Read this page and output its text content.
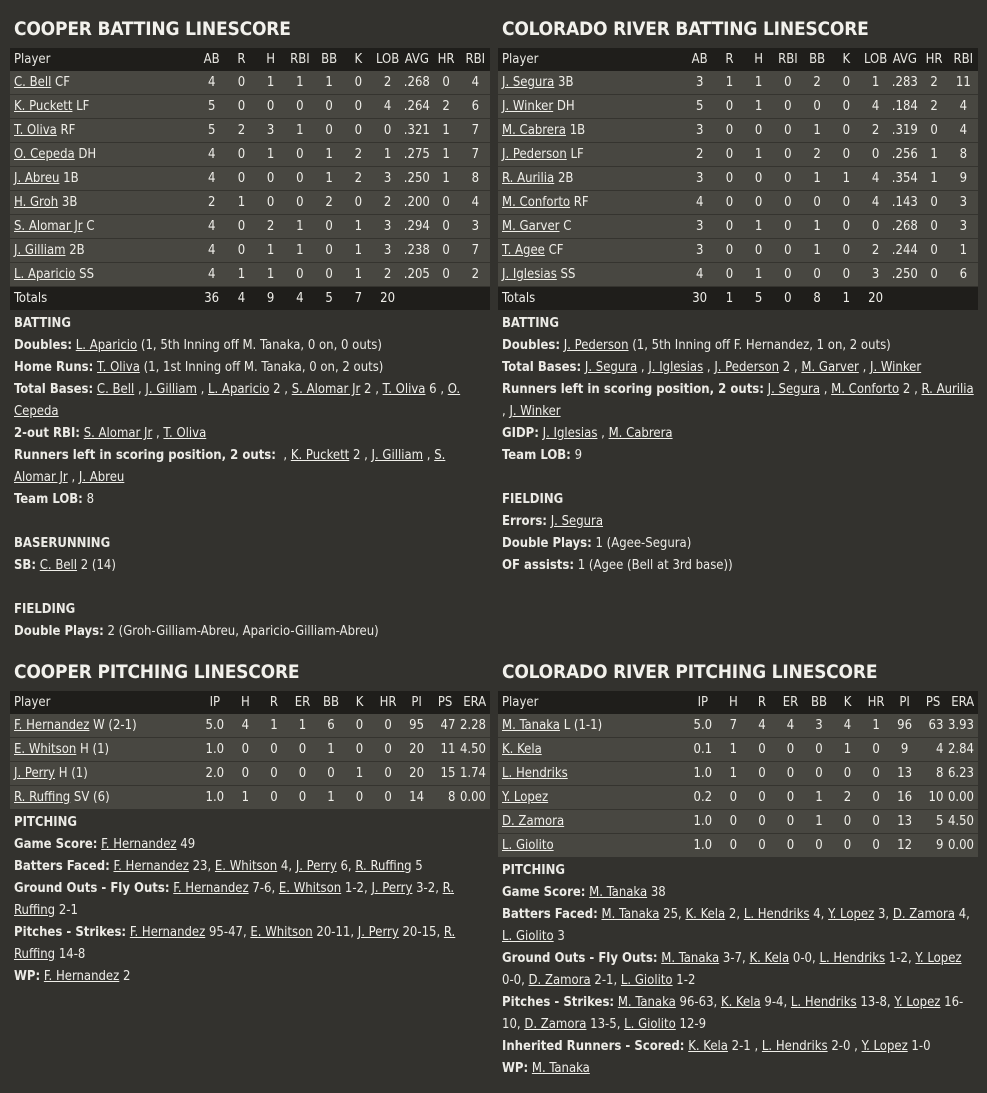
COOPER BATTING LINESCORE
Player	AB	R	H	RBI	BB	K	LOB	AVG	HR	RBI
C. Bell CF	4	0	1	1	1	0	2	.268	0	4
K. Puckett LF	5	0	0	0	0	0	4	.264	2	6
T. Oliva RF	5	2	3	1	0	0	0	.321	1	7
O. Cepeda DH	4	0	1	0	1	2	1	.275	1	7
J. Abreu 1B	4	0	0	0	1	2	3	.250	1	8
H. Groh 3B	2	1	0	0	2	0	2	.200	0	4
S. Alomar Jr C	4	0	2	1	0	1	3	.294	0	3
J. Gilliam 2B	4	0	1	1	0	1	3	.238	0	7
L. Aparicio SS	4	1	1	0	0	1	2	.205	0	2
Totals	36	4	9	4	5	7	20			
BATTING
Doubles: L. Aparicio (1, 5th Inning off M. Tanaka, 0 on, 0 outs)
Home Runs: T. Oliva (1, 1st Inning off M. Tanaka, 0 on, 2 outs)
Total Bases: C. Bell , J. Gilliam , L. Aparicio 2 , S. Alomar Jr 2 , T. Oliva 6 , O. Cepeda
2-out RBI: S. Alomar Jr , T. Oliva
Runners left in scoring position, 2 outs:  , K. Puckett 2 , J. Gilliam , S. Alomar Jr , J. Abreu
Team LOB: 8
BASERUNNING
SB: C. Bell 2 (14)
FIELDING
Double Plays: 2 (Groh-Gilliam-Abreu, Aparicio-Gilliam-Abreu)
COLORADO RIVER BATTING LINESCORE
Player	AB	R	H	RBI	BB	K	LOB	AVG	HR	RBI
J. Segura 3B	3	1	1	0	2	0	1	.283	2	11
J. Winker DH	5	0	1	0	0	0	4	.184	2	4
M. Cabrera 1B	3	0	0	0	1	0	2	.319	0	4
J. Pederson LF	2	0	1	0	2	0	0	.256	1	8
R. Aurilia 2B	3	0	0	0	1	1	4	.354	1	9
M. Conforto RF	4	0	0	0	0	0	4	.143	0	3
M. Garver C	3	0	1	0	1	0	0	.268	0	3
T. Agee CF	3	0	0	0	1	0	2	.244	0	1
J. Iglesias SS	4	0	1	0	0	0	3	.250	0	6
Totals	30	1	5	0	8	1	20			
BATTING
Doubles: J. Pederson (1, 5th Inning off F. Hernandez, 1 on, 2 outs)
Total Bases: J. Segura , J. Iglesias , J. Pederson 2 , M. Garver , J. Winker
Runners left in scoring position, 2 outs: J. Segura , M. Conforto 2 , R. Aurilia , J. Winker
GIDP: J. Iglesias , M. Cabrera
Team LOB: 9
FIELDING
Errors: J. Segura
Double Plays: 1 (Agee-Segura)
OF assists: 1 (Agee (Bell at 3rd base))
COOPER PITCHING LINESCORE
Player	IP	H	R	ER	BB	K	HR	PI	PS	ERA
F. Hernandez W (2-1)	5.0	4	1	1	6	0	0	95	47	2.28
E. Whitson H (1)	1.0	0	0	0	1	0	0	20	11	4.50
J. Perry H (1)	2.0	0	0	0	0	1	0	20	15	1.74
R. Ruffing SV (6)	1.0	1	0	0	1	0	0	14	8	0.00
PITCHING
Game Score: F. Hernandez 49
Batters Faced: F. Hernandez 23, E. Whitson 4, J. Perry 6, R. Ruffing 5
Ground Outs - Fly Outs: F. Hernandez 7-6, E. Whitson 1-2, J. Perry 3-2, R. Ruffing 2-1
Pitches - Strikes: F. Hernandez 95-47, E. Whitson 20-11, J. Perry 20-15, R. Ruffing 14-8
WP: F. Hernandez 2
COLORADO RIVER PITCHING LINESCORE
Player	IP	H	R	ER	BB	K	HR	PI	PS	ERA
M. Tanaka L (1-1)	5.0	7	4	4	3	4	1	96	63	3.93
K. Kela	0.1	1	0	0	0	1	0	9	4	2.84
L. Hendriks	1.0	1	0	0	0	0	0	13	8	6.23
Y. Lopez	0.2	0	0	0	1	2	0	16	10	0.00
D. Zamora	1.0	0	0	0	1	0	0	13	5	4.50
L. Giolito	1.0	0	0	0	0	0	0	12	9	0.00
PITCHING
Game Score: M. Tanaka 38
Batters Faced: M. Tanaka 25, K. Kela 2, L. Hendriks 4, Y. Lopez 3, D. Zamora 4, L. Giolito 3
Ground Outs - Fly Outs: M. Tanaka 3-7, K. Kela 0-0, L. Hendriks 1-2, Y. Lopez 0-0, D. Zamora 2-1, L. Giolito 1-2
Pitches - Strikes: M. Tanaka 96-63, K. Kela 9-4, L. Hendriks 13-8, Y. Lopez 16-10, D. Zamora 13-5, L. Giolito 12-9
Inherited Runners - Scored: K. Kela 2-1 , L. Hendriks 2-0 , Y. Lopez 1-0
WP: M. Tanaka
